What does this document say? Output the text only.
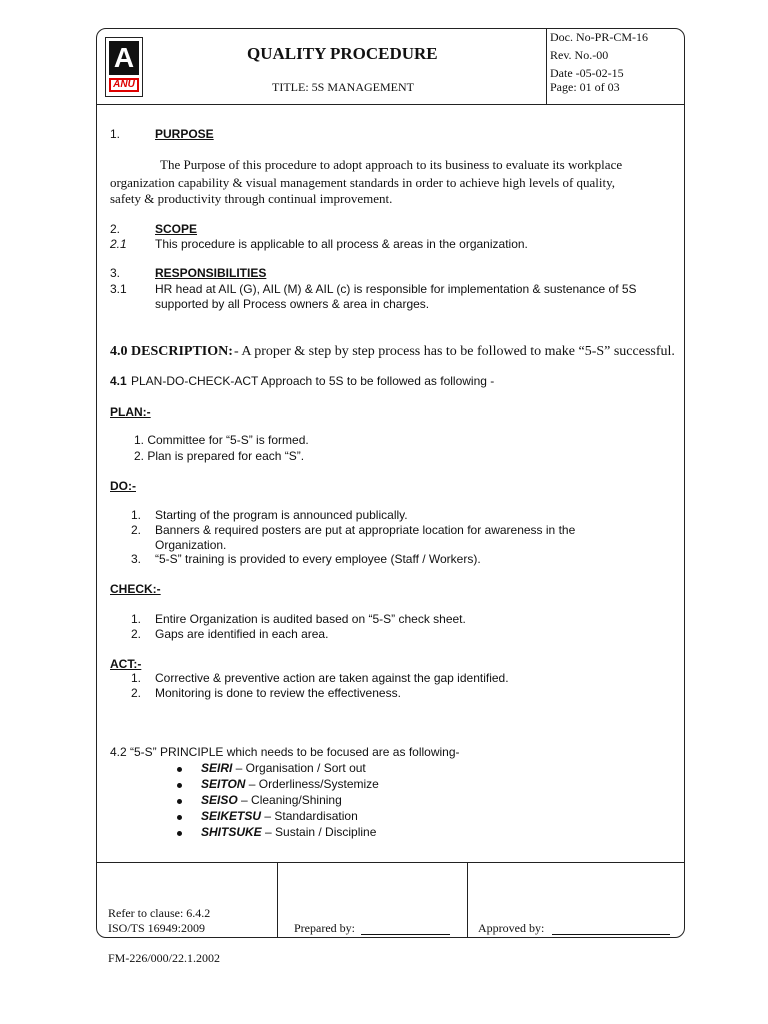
A
ANU
QUALITY PROCEDURE
TITLE: 5S MANAGEMENT
Doc. No-PR-CM-16
Rev. No.-00
Date -05-02-15
Page: 01 of 03
1.	PURPOSE
The Purpose of this procedure to adopt approach to its business to evaluate its workplace
organization capability & visual management standards in order to achieve high levels of quality,
safety & productivity through continual improvement.
2.	SCOPE
2.1 This procedure is applicable to all process & areas in the organization.
3.	RESPONSIBILITIES
3.1 HR head at AIL (G), AIL (M) & AIL (c) is responsible for implementation & sustenance of 5S
supported by all Process owners & area in charges.
4.0 DESCRIPTION: - A proper & step by step process has to be followed to make “5-S” successful.
4.1 PLAN-DO-CHECK-ACT Approach to 5S to be followed as following -
PLAN:-
1. Committee for “5-S” is formed.
2. Plan is prepared for each “S”.
DO:-
1. Starting of the program is announced publically.
2. Banners & required posters are put at appropriate location for awareness in the
Organization.
3. “5-S” training is provided to every employee (Staff / Workers).
CHECK:-
1. Entire Organization is audited based on “5-S” check sheet.
2. Gaps are identified in each area.
ACT:-
1. Corrective & preventive action are taken against the gap identified.
2. Monitoring is done to review the effectiveness.
4.2 “5-S” PRINCIPLE which needs to be focused are as following-
SEIRI – Organisation / Sort out
SEITON – Orderliness/Systemize
SEISO – Cleaning/Shining
SEIKETSU – Standardisation
SHITSUKE – Sustain / Discipline
Refer to clause: 6.4.2
ISO/TS 16949:2009	Prepared by:	Approved by:
FM-226/000/22.1.2002
